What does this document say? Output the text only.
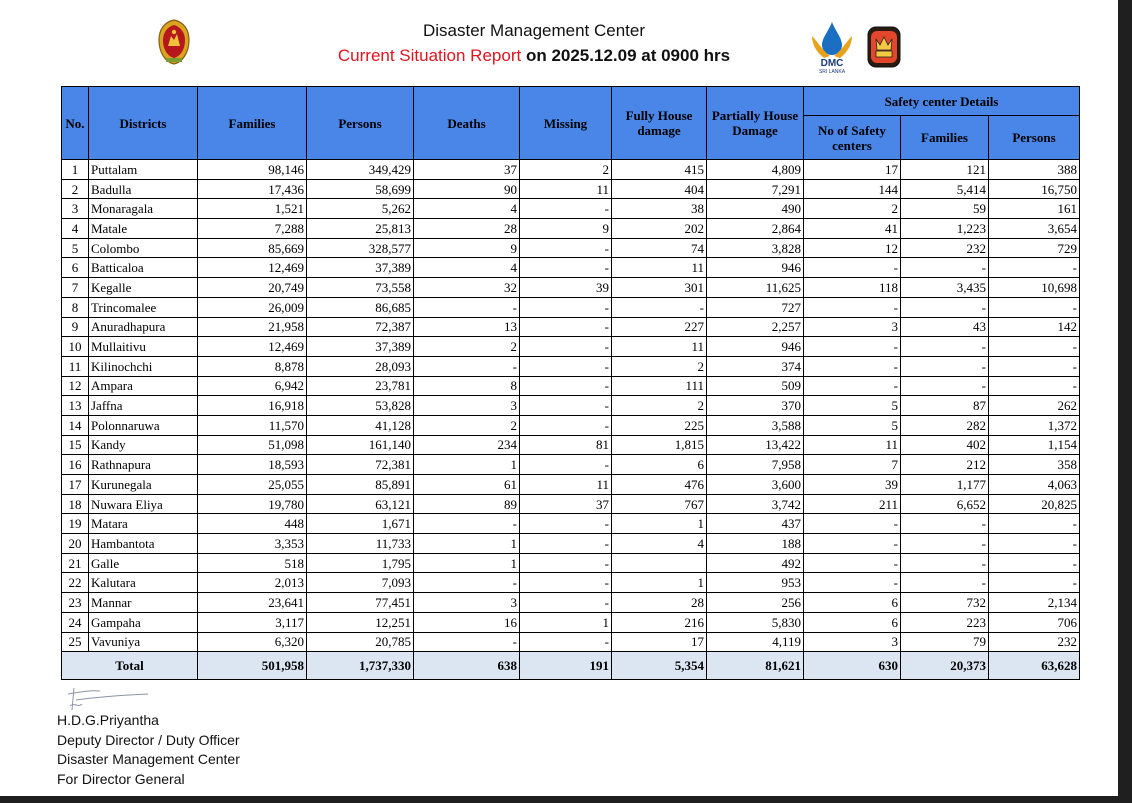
Disaster Management Center
Current Situation Report on 2025.12.09 at 0900 hrs	DMC
SRI LANKA
No.	Districts	Families	Persons	Deaths	Missing	Fully House damage	Partially House Damage	Safety center Details		
								No of Safety centers	Families	Persons
1	Puttalam	98,146	349,429	37	2	415	4,809	17	121	388
2	Badulla	17,436	58,699	90	11	404	7,291	144	5,414	16,750
3	Monaragala	1,521	5,262	4	-	38	490	2	59	161
4	Matale	7,288	25,813	28	9	202	2,864	41	1,223	3,654
5	Colombo	85,669	328,577	9	-	74	3,828	12	232	729
6	Batticaloa	12,469	37,389	4	-	11	946	-	-	-
7	Kegalle	20,749	73,558	32	39	301	11,625	118	3,435	10,698
8	Trincomalee	26,009	86,685	-	-	-	727	-	-	-
9	Anuradhapura	21,958	72,387	13	-	227	2,257	3	43	142
10	Mullaitivu	12,469	37,389	2	-	11	946	-	-	-
11	Kilinochchi	8,878	28,093	-	-	2	374	-	-	-
12	Ampara	6,942	23,781	8	-	111	509	-	-	-
13	Jaffna	16,918	53,828	3	-	2	370	5	87	262
14	Polonnaruwa	11,570	41,128	2	-	225	3,588	5	282	1,372
15	Kandy	51,098	161,140	234	81	1,815	13,422	11	402	1,154
16	Rathnapura	18,593	72,381	1	-	6	7,958	7	212	358
17	Kurunegala	25,055	85,891	61	11	476	3,600	39	1,177	4,063
18	Nuwara Eliya	19,780	63,121	89	37	767	3,742	211	6,652	20,825
19	Matara	448	1,671	-	-	1	437	-	-	-
20	Hambantota	3,353	11,733	1	-	4	188	-	-	-
21	Galle	518	1,795	1	-		492	-	-	-
22	Kalutara	2,013	7,093	-	-	1	953	-	-	-
23	Mannar	23,641	77,451	3	-	28	256	6	732	2,134
24	Gampaha	3,117	12,251	16	1	216	5,830	6	223	706
25	Vavuniya	6,320	20,785	-	-	17	4,119	3	79	232
Total		501,958	1,737,330	638	191	5,354	81,621	630	20,373	63,628
H.D.G.Priyantha
Deputy Director / Duty Officer
Disaster Management Center
For Director General
